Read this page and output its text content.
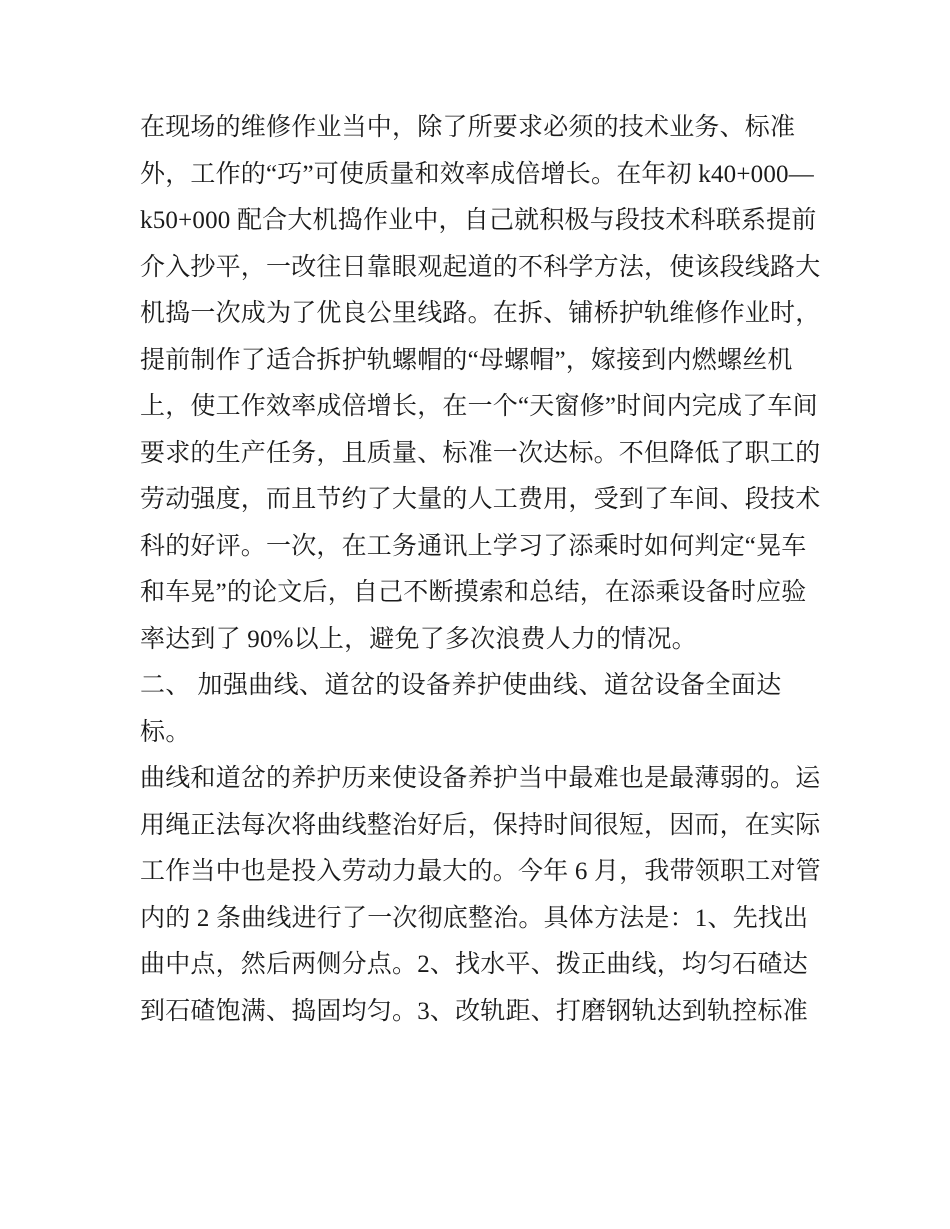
在现场的维修作业当中，除了所要求必须的技术业务、标准
外，工作的“巧”可使质量和效率成倍增长。在年初 k40+000—
k50+000 配合大机捣作业中，自己就积极与段技术科联系提前
介入抄平，一改往日靠眼观起道的不科学方法，使该段线路大
机捣一次成为了优良公里线路。在拆、铺桥护轨维修作业时，
提前制作了适合拆护轨螺帽的“母螺帽”，嫁接到内燃螺丝机
上，使工作效率成倍增长，在一个“天窗修”时间内完成了车间
要求的生产任务，且质量、标准一次达标。不但降低了职工的
劳动强度，而且节约了大量的人工费用，受到了车间、段技术
科的好评。一次，在工务通讯上学习了添乘时如何判定“晃车
和车晃”的论文后，自己不断摸索和总结，在添乘设备时应验
率达到了 90%以上，避免了多次浪费人力的情况。
二、 加强曲线、道岔的设备养护使曲线、道岔设备全面达
标。
曲线和道岔的养护历来使设备养护当中最难也是最薄弱的。运
用绳正法每次将曲线整治好后，保持时间很短，因而，在实际
工作当中也是投入劳动力最大的。今年 6 月，我带领职工对管
内的 2 条曲线进行了一次彻底整治。具体方法是：1、先找出
曲中点，然后两侧分点。2、找水平、拨正曲线，均匀石碴达
到石碴饱满、捣固均匀。3、改轨距、打磨钢轨达到轨控标准
